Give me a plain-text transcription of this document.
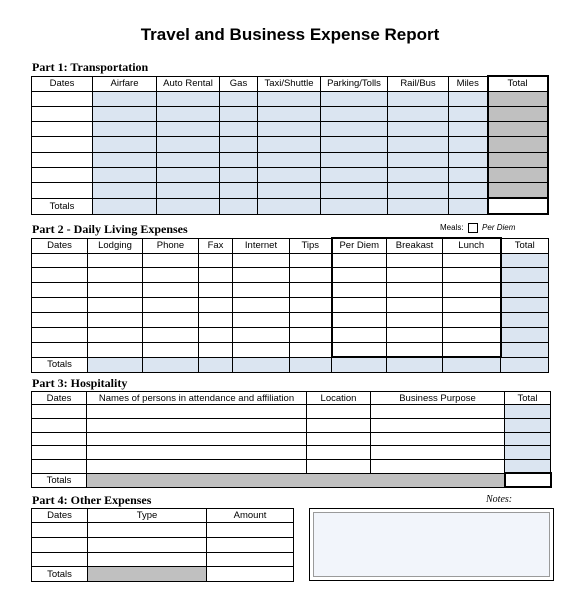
Travel and Business Expense Report
Part 1: Transportation
Dates	Airfare	Auto Rental	Gas	Taxi/Shuttle	Parking/Tolls	Rail/Bus	Miles	Total

Totals								
Part 2 - Daily Living Expenses	Meals: Per Diem
Dates	Lodging	Phone	Fax	Internet	Tips	Per Diem	Breakast	Lunch	Total

Totals									
Part 3: Hospitality
Dates	Names of persons in attendance and affiliation	Location	Business Purpose	Total

Totals				
Part 4: Other Expenses
Dates	Type	Amount

Totals		
Notes:
